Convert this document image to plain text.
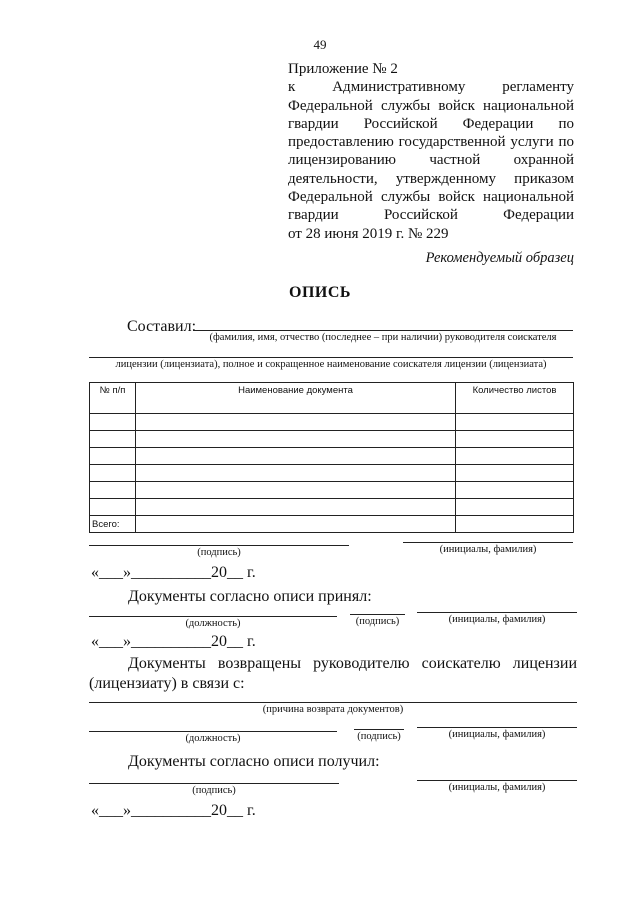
49
Приложение № 2
к Административному регламенту
Федеральной службы войск национальной
гвардии Российской Федерации по
предоставлению государственной услуги по
лицензированию частной охранной
деятельности, утвержденному приказом
Федеральной службы войск национальной
гвардии Российской Федерации
от 28 июня 2019 г. № 229
Рекомендуемый образец
ОПИСЬ
Составил:
(фамилия, имя, отчество (последнее – при наличии) руководителя соискателя
лицензии (лицензиата), полное и сокращенное наименование соискателя лицензии (лицензиата)
№ п/п	Наименование документа	Количество листов

Всего:		
(подпись)	(инициалы, фамилия)
«___»__________20__ г.
Документы согласно описи принял:
(должность)	(подпись)	(инициалы, фамилия)
«___»__________20__ г.
Документы возвращены руководителю соискателю лицензии
(лицензиату) в связи с:
(причина возврата документов)
(должность)	(подпись)	(инициалы, фамилия)
Документы согласно описи получил:
(подпись)	(инициалы, фамилия)
«___»__________20__ г.
